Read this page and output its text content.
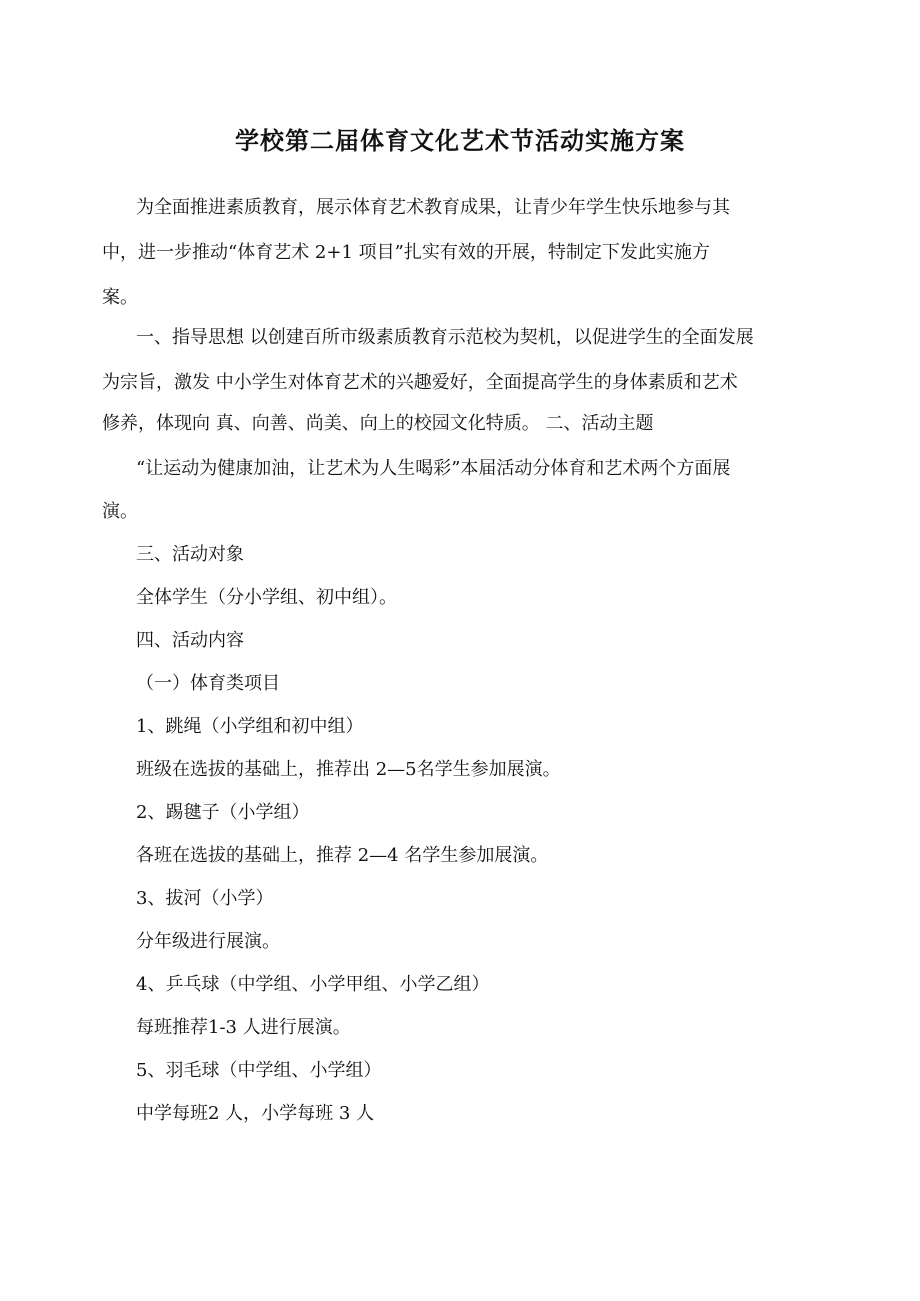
学校第二届体育文化艺术节活动实施方案
为全面推进素质教育，展示体育艺术教育成果，让青少年学生快乐地参与其
中，进一步推动“体育艺术 2+1 项目”扎实有效的开展，特制定下发此实施方
案。
一、指导思想 以创建百所市级素质教育示范校为契机，以促进学生的全面发展
为宗旨，激发 中小学生对体育艺术的兴趣爱好，全面提高学生的身体素质和艺术
修养，体现向 真、向善、尚美、向上的校园文化特质。 二、活动主题
“让运动为健康加油，让艺术为人生喝彩”本届活动分体育和艺术两个方面展
演。
三、活动对象
全体学生（分小学组、初中组）。
四、活动内容
（一）体育类项目
1、跳绳（小学组和初中组）
班级在选拔的基础上，推荐出 2—5名学生参加展演。
2、踢毽子（小学组）
各班在选拔的基础上，推荐 2—4 名学生参加展演。
3、拔河（小学）
分年级进行展演。
4、乒乓球（中学组、小学甲组、小学乙组）
每班推荐1-3 人进行展演。
5、羽毛球（中学组、小学组）
中学每班2 人，小学每班 3 人
